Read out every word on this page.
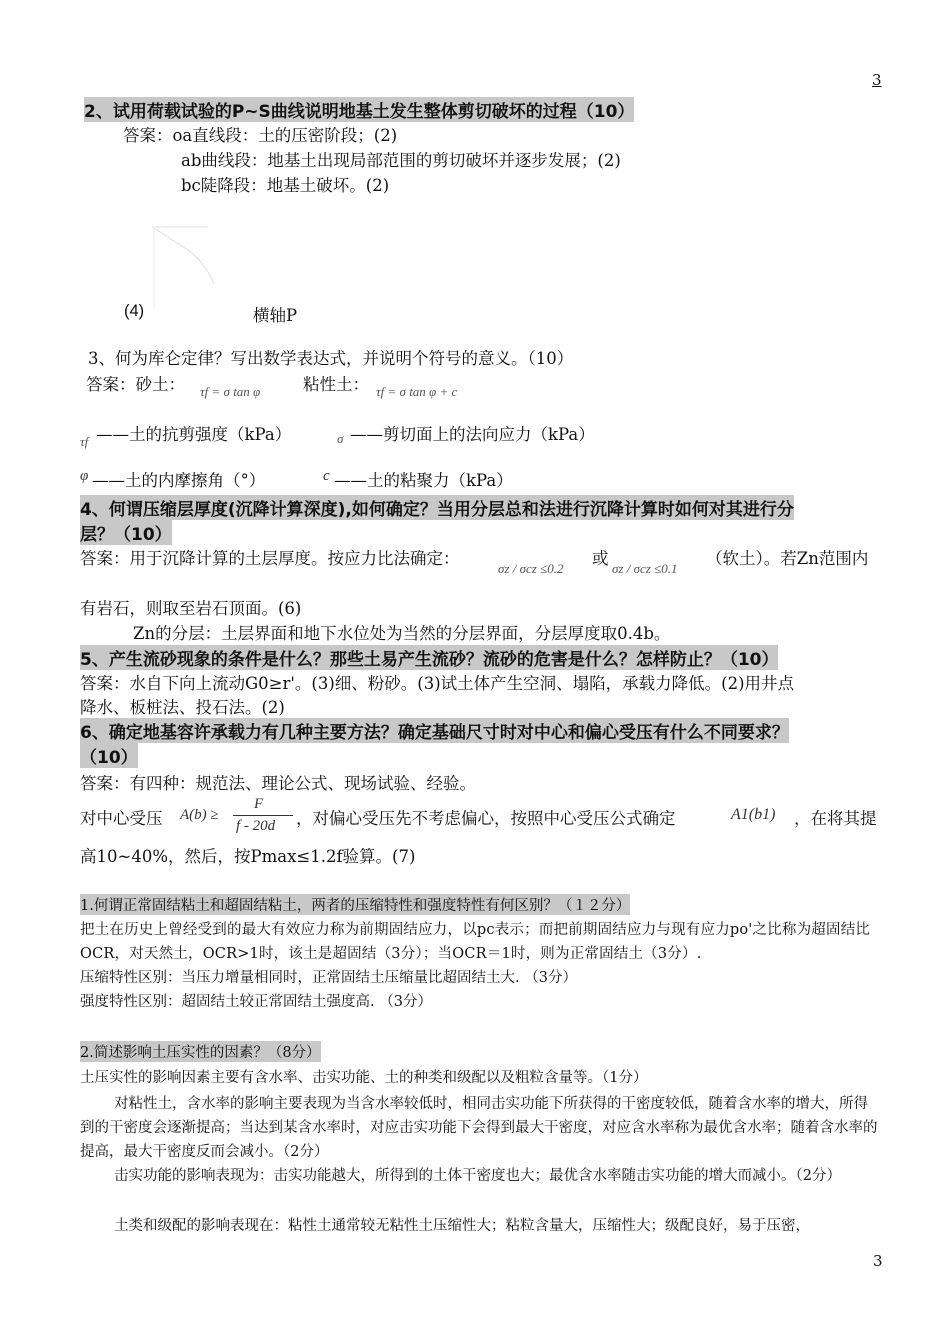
3
2、试用荷载试验的P~S曲线说明地基土发生整体剪切破坏的过程（10）
答案：oa直线段：土的压密阶段；(2)
ab曲线段：地基土出现局部范围的剪切破坏并逐步发展；(2)
bc陡降段：地基土破坏。(2)
(4)	横轴P
3、何为库仑定律？写出数学表达式，并说明个符号的意义。（10）
答案：砂土： τf = σ tan φ	粘性土： τf = σ tan φ + c
τf ——土的抗剪强度（kPa）	σ ——剪切面上的法向应力（kPa）
φ ——土的内摩擦角（°）	c ——土的粘聚力（kPa）
4、何谓压缩层厚度(沉降计算深度),如何确定？当用分层总和法进行沉降计算时如何对其进行分
层？（10）
答案：用于沉降计算的土层厚度。按应力比法确定：
σz / σcz ≤0.2
或
σz / σcz ≤0.1
（软土）。若Zn范围内
有岩石，则取至岩石顶面。(6)
Zn的分层：土层界面和地下水位处为当然的分层界面，分层厚度取0.4b。
5、产生流砂现象的条件是什么？那些土易产生流砂？流砂的危害是什么？怎样防止？（10）
答案：水自下向上流动G0≥r'。(3)细、粉砂。(3)试土体产生空洞、塌陷，承载力降低。(2)用井点
降水、板桩法、投石法。(2)
6、确定地基容许承载力有几种主要方法？确定基础尺寸时对中心和偏心受压有什么不同要求？
（10）
答案：有四种：规范法、理论公式、现场试验、经验。
对中心受压 A(b) ≥
F
f - 20d ，对偏心受压先不考虑偏心，按照中心受压公式确定	A1(b1) ，在将其提
高10~40%，然后，按Pmax≤1.2f验算。(7)
1.何谓正常固结粘土和超固结粘土，两者的压缩特性和强度特性有何区别？（１２分）
把土在历史上曾经受到的最大有效应力称为前期固结应力，以pc表示；而把前期固结应力与现有应力po'之比称为超固结比OCR，对天然土，OCR>1时，该土是超固结（3分）；当OCR＝1时，则为正常固结土（3分）.
压缩特性区别：当压力增量相同时，正常固结土压缩量比超固结土大. （3分）
强度特性区别：超固结土较正常固结土强度高. （3分）
2.简述影响土压实性的因素？（8分）
土压实性的影响因素主要有含水率、击实功能、土的种类和级配以及粗粒含量等。（1分）
对粘性土，含水率的影响主要表现为当含水率较低时，相同击实功能下所获得的干密度较低，随着含水率的增大，所得到的干密度会逐渐提高；当达到某含水率时，对应击实功能下会得到最大干密度，对应含水率称为最优含水率；随着含水率的提高，最大干密度反而会减小。（2分）
击实功能的影响表现为：击实功能越大，所得到的土体干密度也大；最优含水率随击实功能的增大而减小。（2分）
土类和级配的影响表现在：粘性土通常较无粘性土压缩性大；粘粒含量大，压缩性大；级配良好，易于压密，
3
